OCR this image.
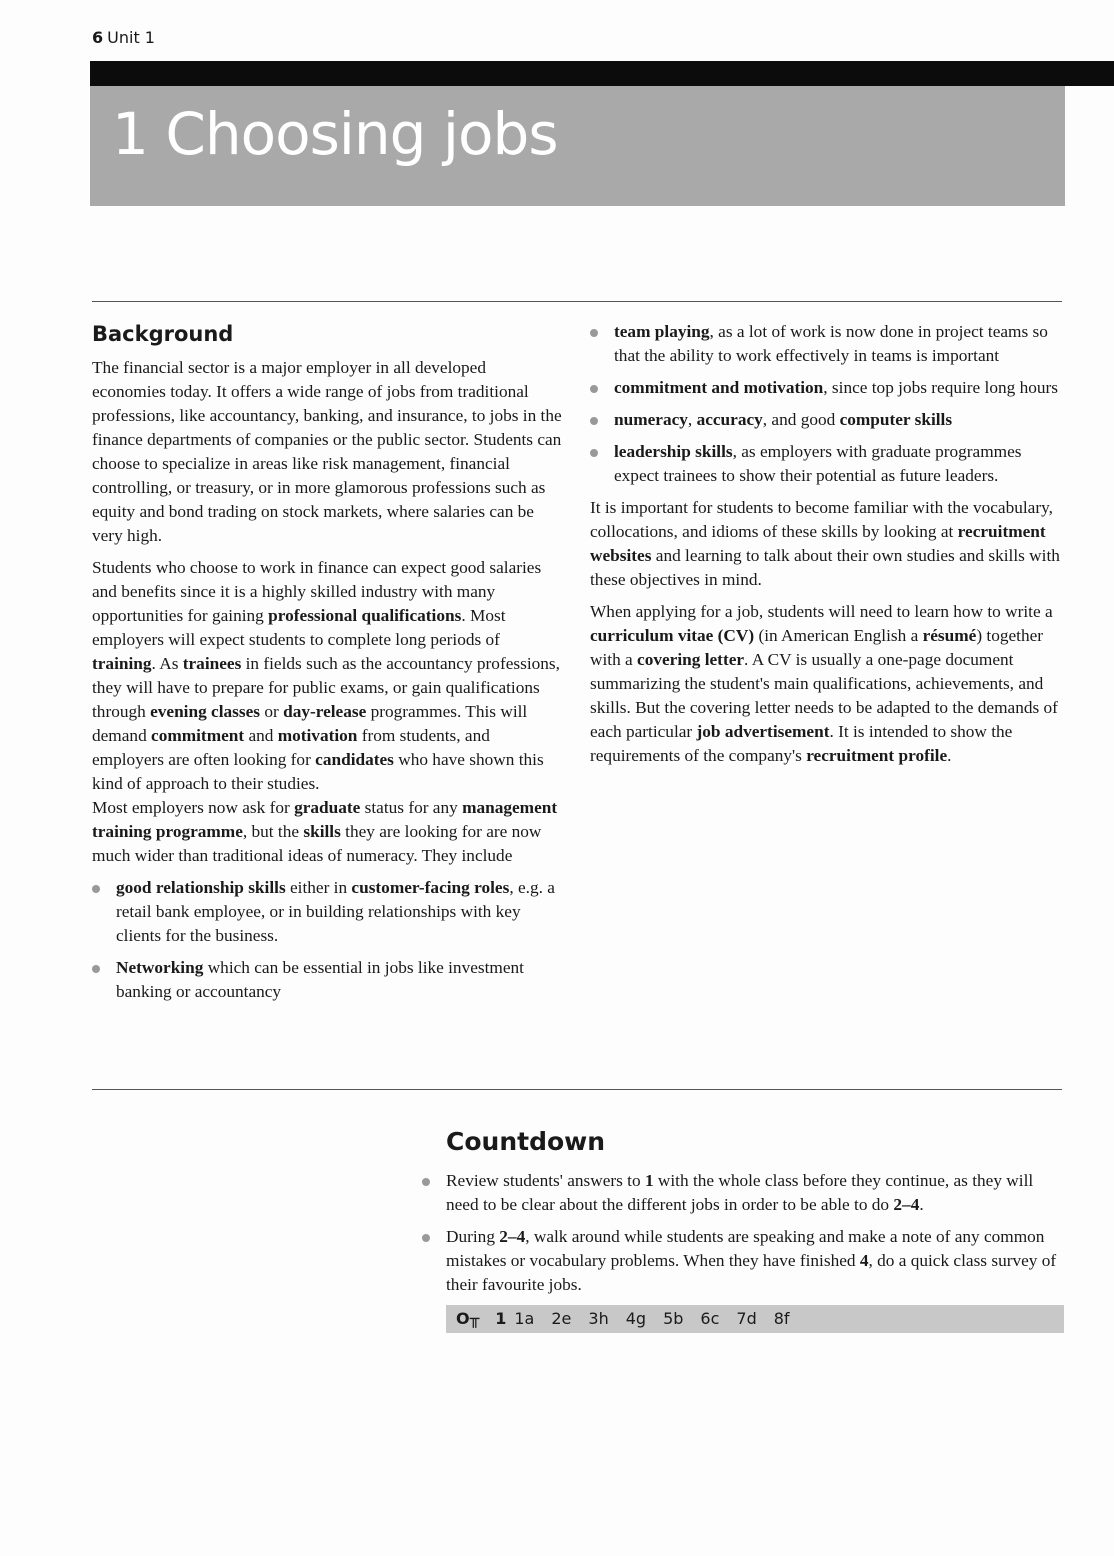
6 Unit 1
1 Choosing jobs
Background

The financial sector is a major employer in all developed economies today. It offers a wide range of jobs from traditional professions, like accountancy, banking, and insurance, to jobs in the finance departments of companies or the public sector. Students can choose to specialize in areas like risk management, financial controlling, or treasury, or in more glamorous professions such as equity and bond trading on stock markets, where salaries can be very high.

Students who choose to work in finance can expect good salaries and benefits since it is a highly skilled industry with many opportunities for gaining professional qualifications. Most employers will expect students to complete long periods of training. As trainees in fields such as the accountancy professions, they will have to prepare for public exams, or gain qualifications through evening classes or day-release programmes. This will demand commitment and motivation from students, and employers are often looking for candidates who have shown this kind of approach to their studies.

Most employers now ask for graduate status for any management training programme, but the skills they are looking for are now much wider than traditional ideas of numeracy. They include

good relationship skills either in customer-facing roles, e.g. a retail bank employee, or in building relationships with key clients for the business.
Networking which can be essential in jobs like investment banking or accountancy
team playing, as a lot of work is now done in project teams so that the ability to work effectively in teams is important
commitment and motivation, since top jobs require long hours
numeracy, accuracy, and good computer skills
leadership skills, as employers with graduate programmes expect trainees to show their potential as future leaders.

It is important for students to become familiar with the vocabulary, collocations, and idioms of these skills by looking at recruitment websites and learning to talk about their own studies and skills with these objectives in mind.

When applying for a job, students will need to learn how to write a curriculum vitae (CV) (in American English a résumé) together with a covering letter. A CV is usually a one-page document summarizing the student's main qualifications, achievements, and skills. But the covering letter needs to be adapted to the demands of each particular job advertisement. It is intended to show the requirements of the company's recruitment profile.

Countdown
Review students' answers to 1 with the whole class before they continue, as they will need to be clear about the different jobs in order to be able to do 2–4.
During 2–4, walk around while students are speaking and make a note of any common mistakes or vocabulary problems. When they have finished 4, do a quick class survey of their favourite jobs.
O╥ 1 1a 2e 3h 4g 5b 6c 7d 8f
